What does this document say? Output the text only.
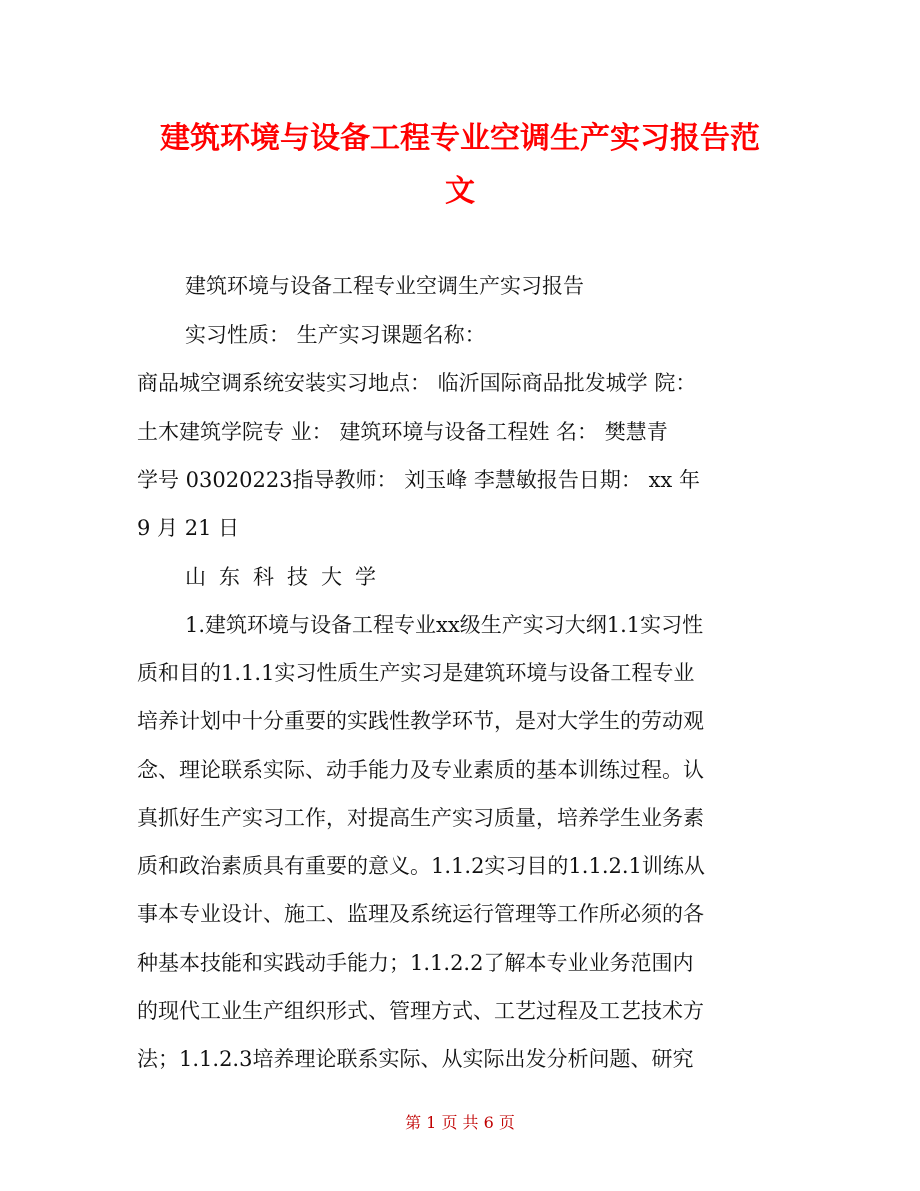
建筑环境与设备工程专业空调生产实习报告范
文
建筑环境与设备工程专业空调生产实习报告
实习性质： 生产实习课题名称：
商品城空调系统安装实习地点： 临沂国际商品批发城学 院：
土木建筑学院专 业： 建筑环境与设备工程姓 名： 樊慧青
学号 03020223指导教师： 刘玉峰 李慧敏报告日期： xx 年
9 月 21 日
山东科技大学
1.建筑环境与设备工程专业xx级生产实习大纲1.1实习性
质和目的1.1.1实习性质生产实习是建筑环境与设备工程专业
培养计划中十分重要的实践性教学环节，是对大学生的劳动观
念、理论联系实际、动手能力及专业素质的基本训练过程。认
真抓好生产实习工作，对提高生产实习质量，培养学生业务素
质和政治素质具有重要的意义。1.1.2实习目的1.1.2.1训练从
事本专业设计、施工、监理及系统运行管理等工作所必须的各
种基本技能和实践动手能力；1.1.2.2了解本专业业务范围内
的现代工业生产组织形式、管理方式、工艺过程及工艺技术方
法；1.1.2.3培养理论联系实际、从实际出发分析问题、研究
第 1 页 共 6 页
